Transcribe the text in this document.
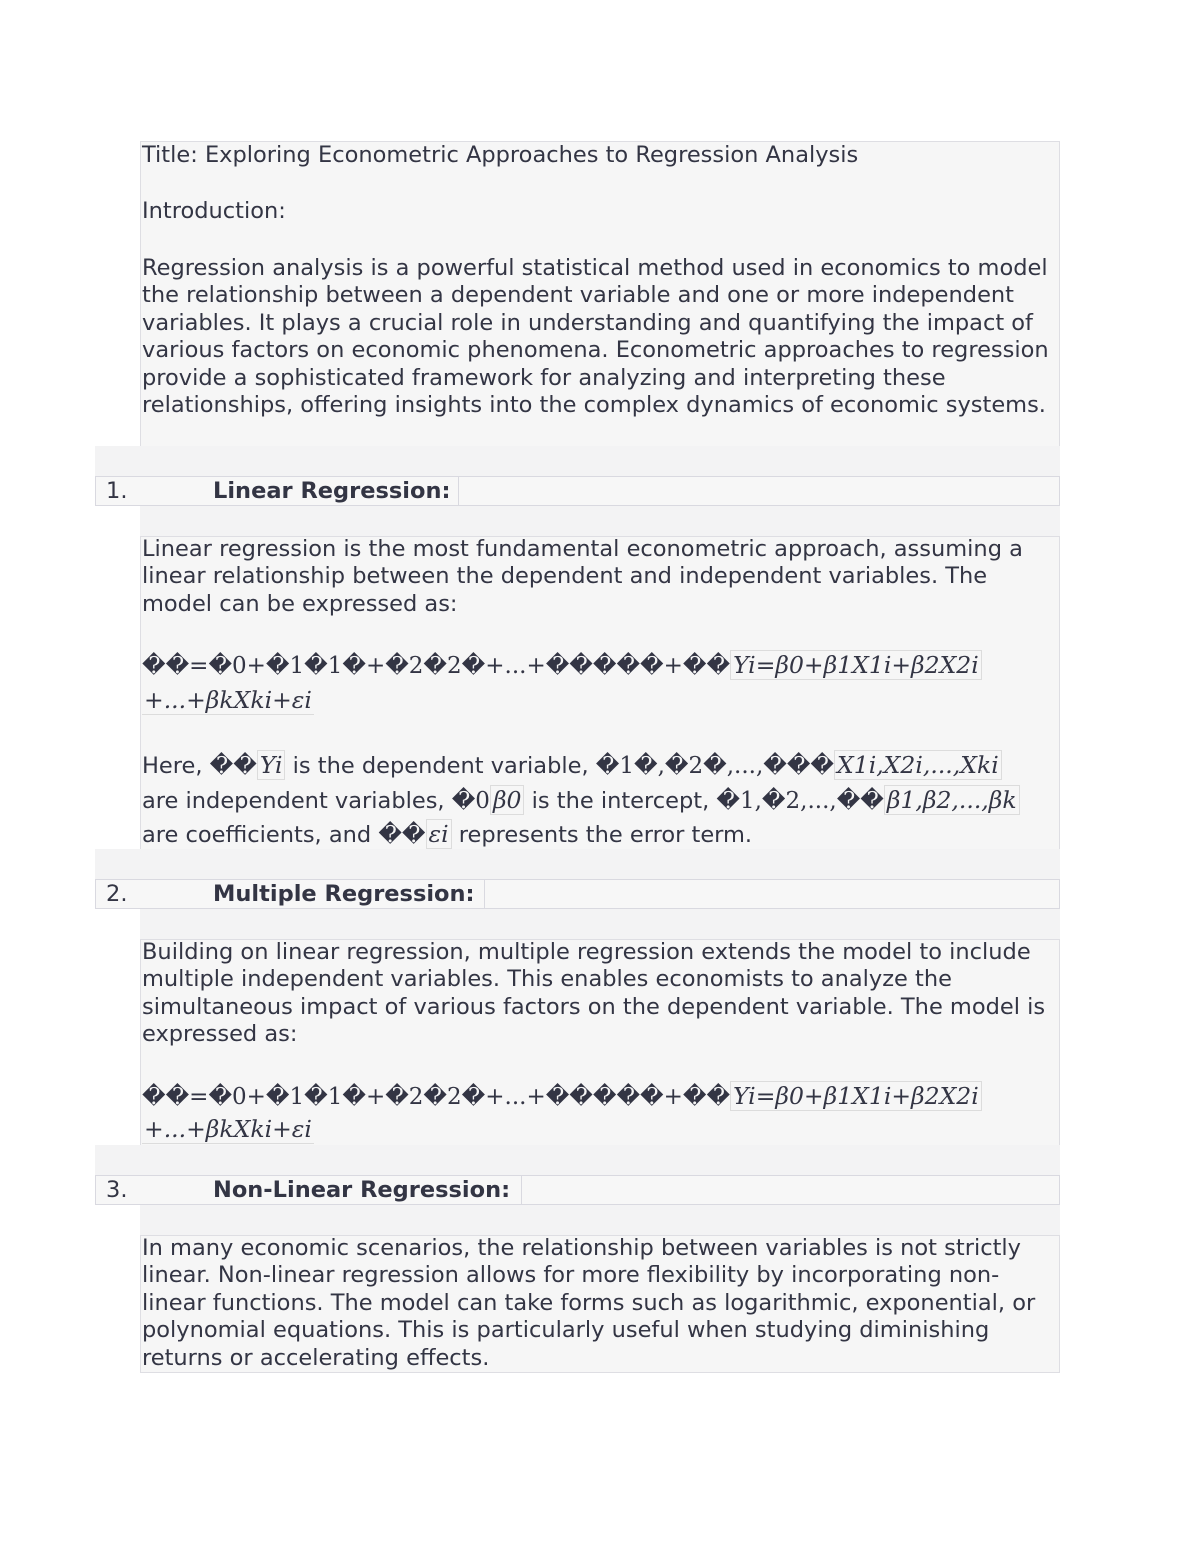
Title: Exploring Econometric Approaches to Regression Analysis
Introduction:
Regression analysis is a powerful statistical method used in economics to model the relationship between a dependent variable and one or more independent variables. It plays a crucial role in understanding and quantifying the impact of various factors on economic phenomena. Econometric approaches to regression provide a sophisticated framework for analyzing and interpreting these relationships, offering insights into the complex dynamics of economic systems.
1.	Linear Regression:
Linear regression is the most fundamental econometric approach, assuming a linear relationship between the dependent and independent variables. The model can be expressed as:
��=�0+�1�1�+�2�2�+...+�����+�� Yi=β0+β1X1i+β2X2i
+...+βkXki+εi
Here, �� Yi is the dependent variable, �1�,�2�,...,��� X1i,X2i,...,Xki
are independent variables, �0 β0 is the intercept, �1,�2,...,�� β1,β2,...,βk
are coefficients, and �� εi represents the error term.
2.	Multiple Regression:
Building on linear regression, multiple regression extends the model to include multiple independent variables. This enables economists to analyze the simultaneous impact of various factors on the dependent variable. The model is expressed as:
��=�0+�1�1�+�2�2�+...+�����+�� Yi=β0+β1X1i+β2X2i
+...+βkXki+εi
3.	Non-Linear Regression:
In many economic scenarios, the relationship between variables is not strictly linear. Non-linear regression allows for more flexibility by incorporating non-linear functions. The model can take forms such as logarithmic, exponential, or polynomial equations. This is particularly useful when studying diminishing returns or accelerating effects.
